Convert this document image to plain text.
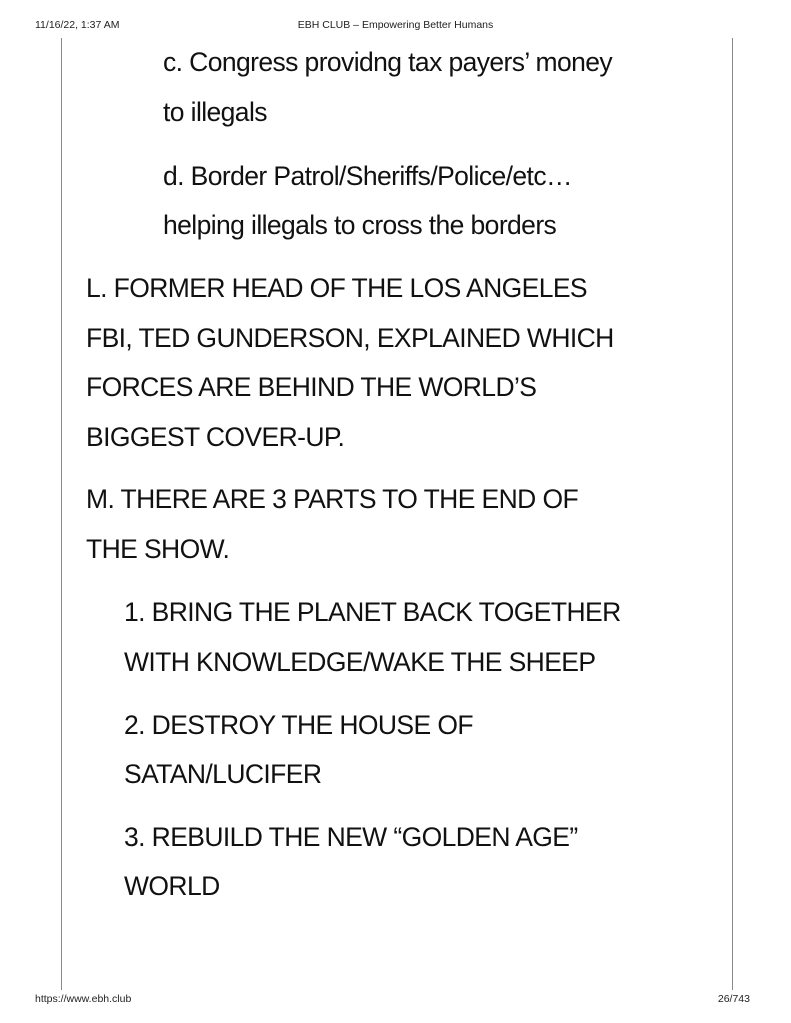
11/16/22, 1:37 AM	EBH CLUB – Empowering Better Humans
c. Congress providng tax payers’ money
to illegals
d. Border Patrol/Sheriffs/Police/etc…
helping illegals to cross the borders
L. FORMER HEAD OF THE LOS ANGELES
FBI, TED GUNDERSON, EXPLAINED WHICH
FORCES ARE BEHIND THE WORLD’S
BIGGEST COVER-UP.
M. THERE ARE 3 PARTS TO THE END OF
THE SHOW.
1. BRING THE PLANET BACK TOGETHER
WITH KNOWLEDGE/WAKE THE SHEEP
2. DESTROY THE HOUSE OF
SATAN/LUCIFER
3. REBUILD THE NEW “GOLDEN AGE”
WORLD
https://www.ebh.club	26/743
